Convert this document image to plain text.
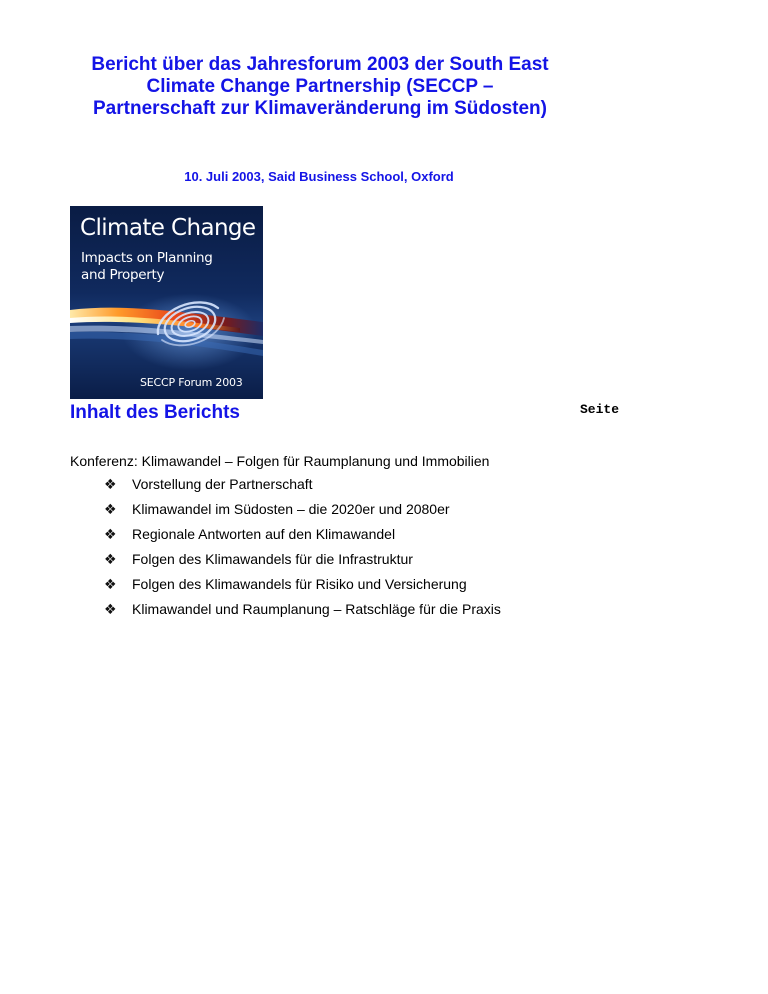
Bericht über das Jahresforum 2003 der South East
Climate Change Partnership (SECCP –
Partnerschaft zur Klimaveränderung im Südosten)
10. Juli 2003, Said Business School, Oxford
Climate Change
Impacts on Planning
and Property
SECCP Forum 2003
Inhalt des Berichts	Seite
Konferenz: Klimawandel – Folgen für Raumplanung und Immobilien
❖	Vorstellung der Partnerschaft
❖	Klimawandel im Südosten – die 2020er und 2080er
❖	Regionale Antworten auf den Klimawandel
❖	Folgen des Klimawandels für die Infrastruktur
❖	Folgen des Klimawandels für Risiko und Versicherung
❖	Klimawandel und Raumplanung – Ratschläge für die Praxis
